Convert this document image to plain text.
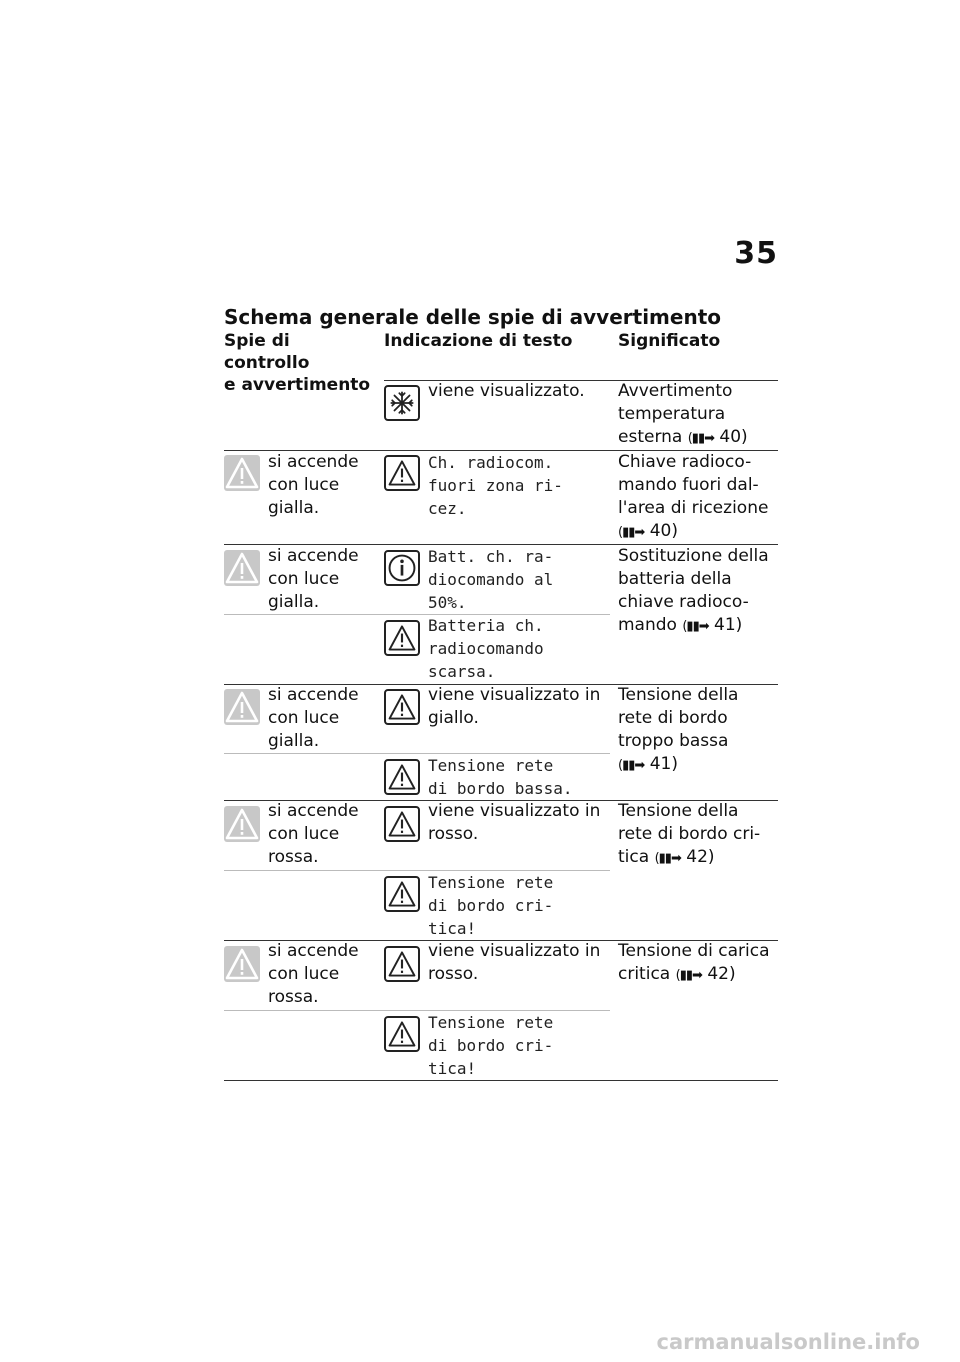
35
Schema generale delle spie di avvertimento
Spie di controllo
e avvertimento
Indicazione di testo	Significato
viene visualizzato. Avvertimento
temperatura
esterna (▮▮➡ 40)
si accende
con luce
gialla.
Ch. radiocom.
fuori zona ri-
cez.
Chiave radioco-
mando fuori dal-
l'area di ricezione
(▮▮➡ 40)
si accende
con luce
gialla.
Batt. ch. ra-
diocomando al
50%.
Sostituzione della
batteria della
chiave radioco-
mando (▮▮➡ 41)
Batteria ch.
radiocomando
scarsa.
si accende
con luce
gialla.
viene visualizzato in
giallo.
Tensione della
rete di bordo
troppo bassa
(▮▮➡ 41)
Tensione rete
di bordo bassa.
si accende
con luce
rossa.
viene visualizzato in
rosso.
Tensione della
rete di bordo cri-
tica (▮▮➡ 42)
Tensione rete
di bordo cri-
tica!
si accende
con luce
rossa.
viene visualizzato in
rosso.
Tensione di carica
critica (▮▮➡ 42)
Tensione rete
di bordo cri-
tica!
carmanualsonline.info
